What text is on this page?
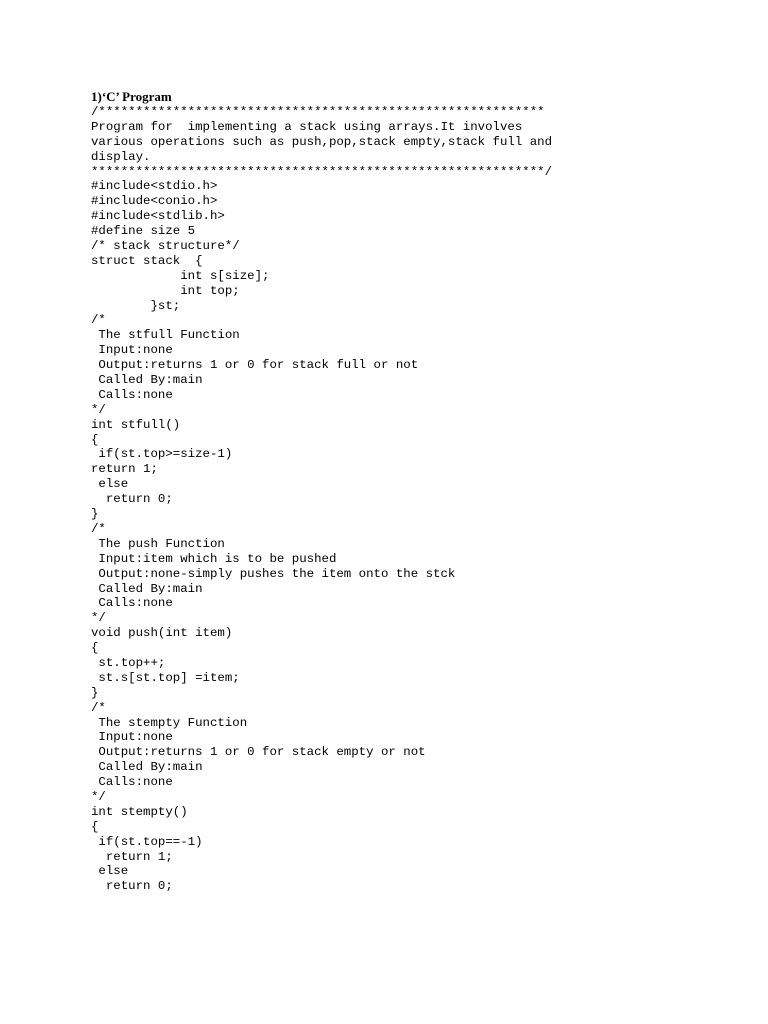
1)‘C’ Program
/************************************************************
Program for  implementing a stack using arrays.It involves
various operations such as push,pop,stack empty,stack full and
display.
*************************************************************/
#include<stdio.h>
#include<conio.h>
#include<stdlib.h>
#define size 5
/* stack structure*/
struct stack  {
int s[size];
int top;
}st;
/*
The stfull Function
Input:none
Output:returns 1 or 0 for stack full or not
Called By:main
Calls:none
*/
int stfull()
{
if(st.top>=size-1)
return 1;
else
return 0;
}
/*
The push Function
Input:item which is to be pushed
Output:none-simply pushes the item onto the stck
Called By:main
Calls:none
*/
void push(int item)
{
st.top++;
st.s[st.top] =item;
}
/*
The stempty Function
Input:none
Output:returns 1 or 0 for stack empty or not
Called By:main
Calls:none
*/
int stempty()
{
if(st.top==-1)
return 1;
else
return 0;
